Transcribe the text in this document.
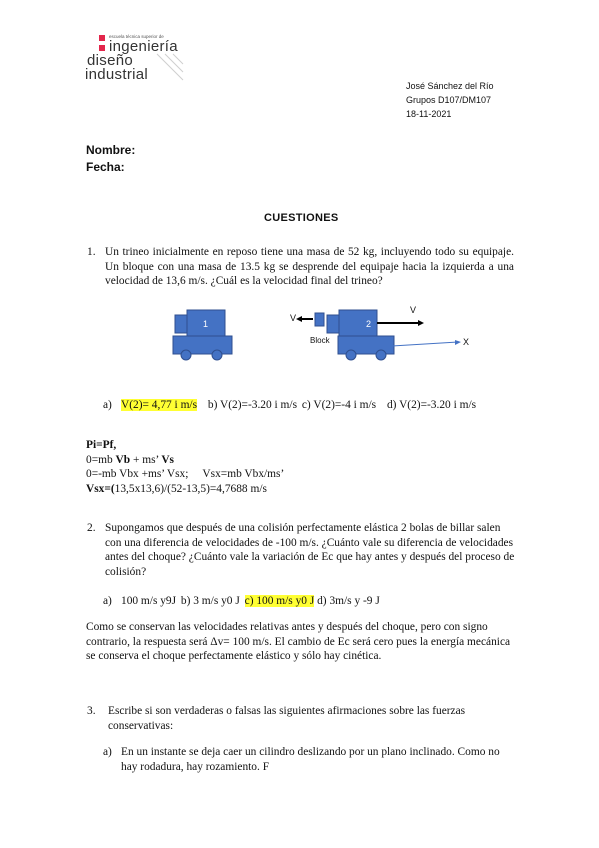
escuela técnica superior de
ingeniería
diseño
industrial
José Sánchez del Río
Grupos D107/DM107
18-11-2021
Nombre:
Fecha:
CUESTIONES
1. Un trineo inicialmente en reposo tiene una masa de 52 kg, incluyendo todo su equipaje. Un bloque con una masa de 13.5 kg se desprende del equipaje hacia la izquierda a una velocidad de 13,6 m/s. ¿Cuál es la velocidad final del trineo?
1	2
V
V
Block	X
a) V(2)= 4,77 i m/s b) V(2)=-3.20 i m/s c) V(2)=-4 i m/s d) V(2)=-3.20 i m/s

Pi=Pf,

0=mb Vb + ms’ Vs

0=-mb Vbx +ms’ Vsx;     Vsx=mb Vbx/ms’

Vsx=(13,5x13,6)/(52-13,5)=4,7688 m/s

2. Supongamos que después de una colisión perfectamente elástica 2 bolas de billar salen con una diferencia de velocidades de -100 m/s. ¿Cuánto vale su diferencia de velocidades antes del choque? ¿Cuánto vale la variación de Ec que hay antes y después del proceso de colisión?
a) 100 m/s y9J b) 3 m/s y0 J c) 100 m/s y0 J d) 3m/s y -9 J
Como se conservan las velocidades relativas antes y después del choque, pero con signo contrario, la respuesta será Δv= 100 m/s. El cambio de Ec será cero pues la energía mecánica se conserva el choque perfectamente elástico y sólo hay cinética.
3. Escribe si son verdaderas o falsas las siguientes afirmaciones sobre las fuerzas conservativas:
a) En un instante se deja caer un cilindro deslizando por un plano inclinado. Como no hay rodadura, hay rozamiento. F
